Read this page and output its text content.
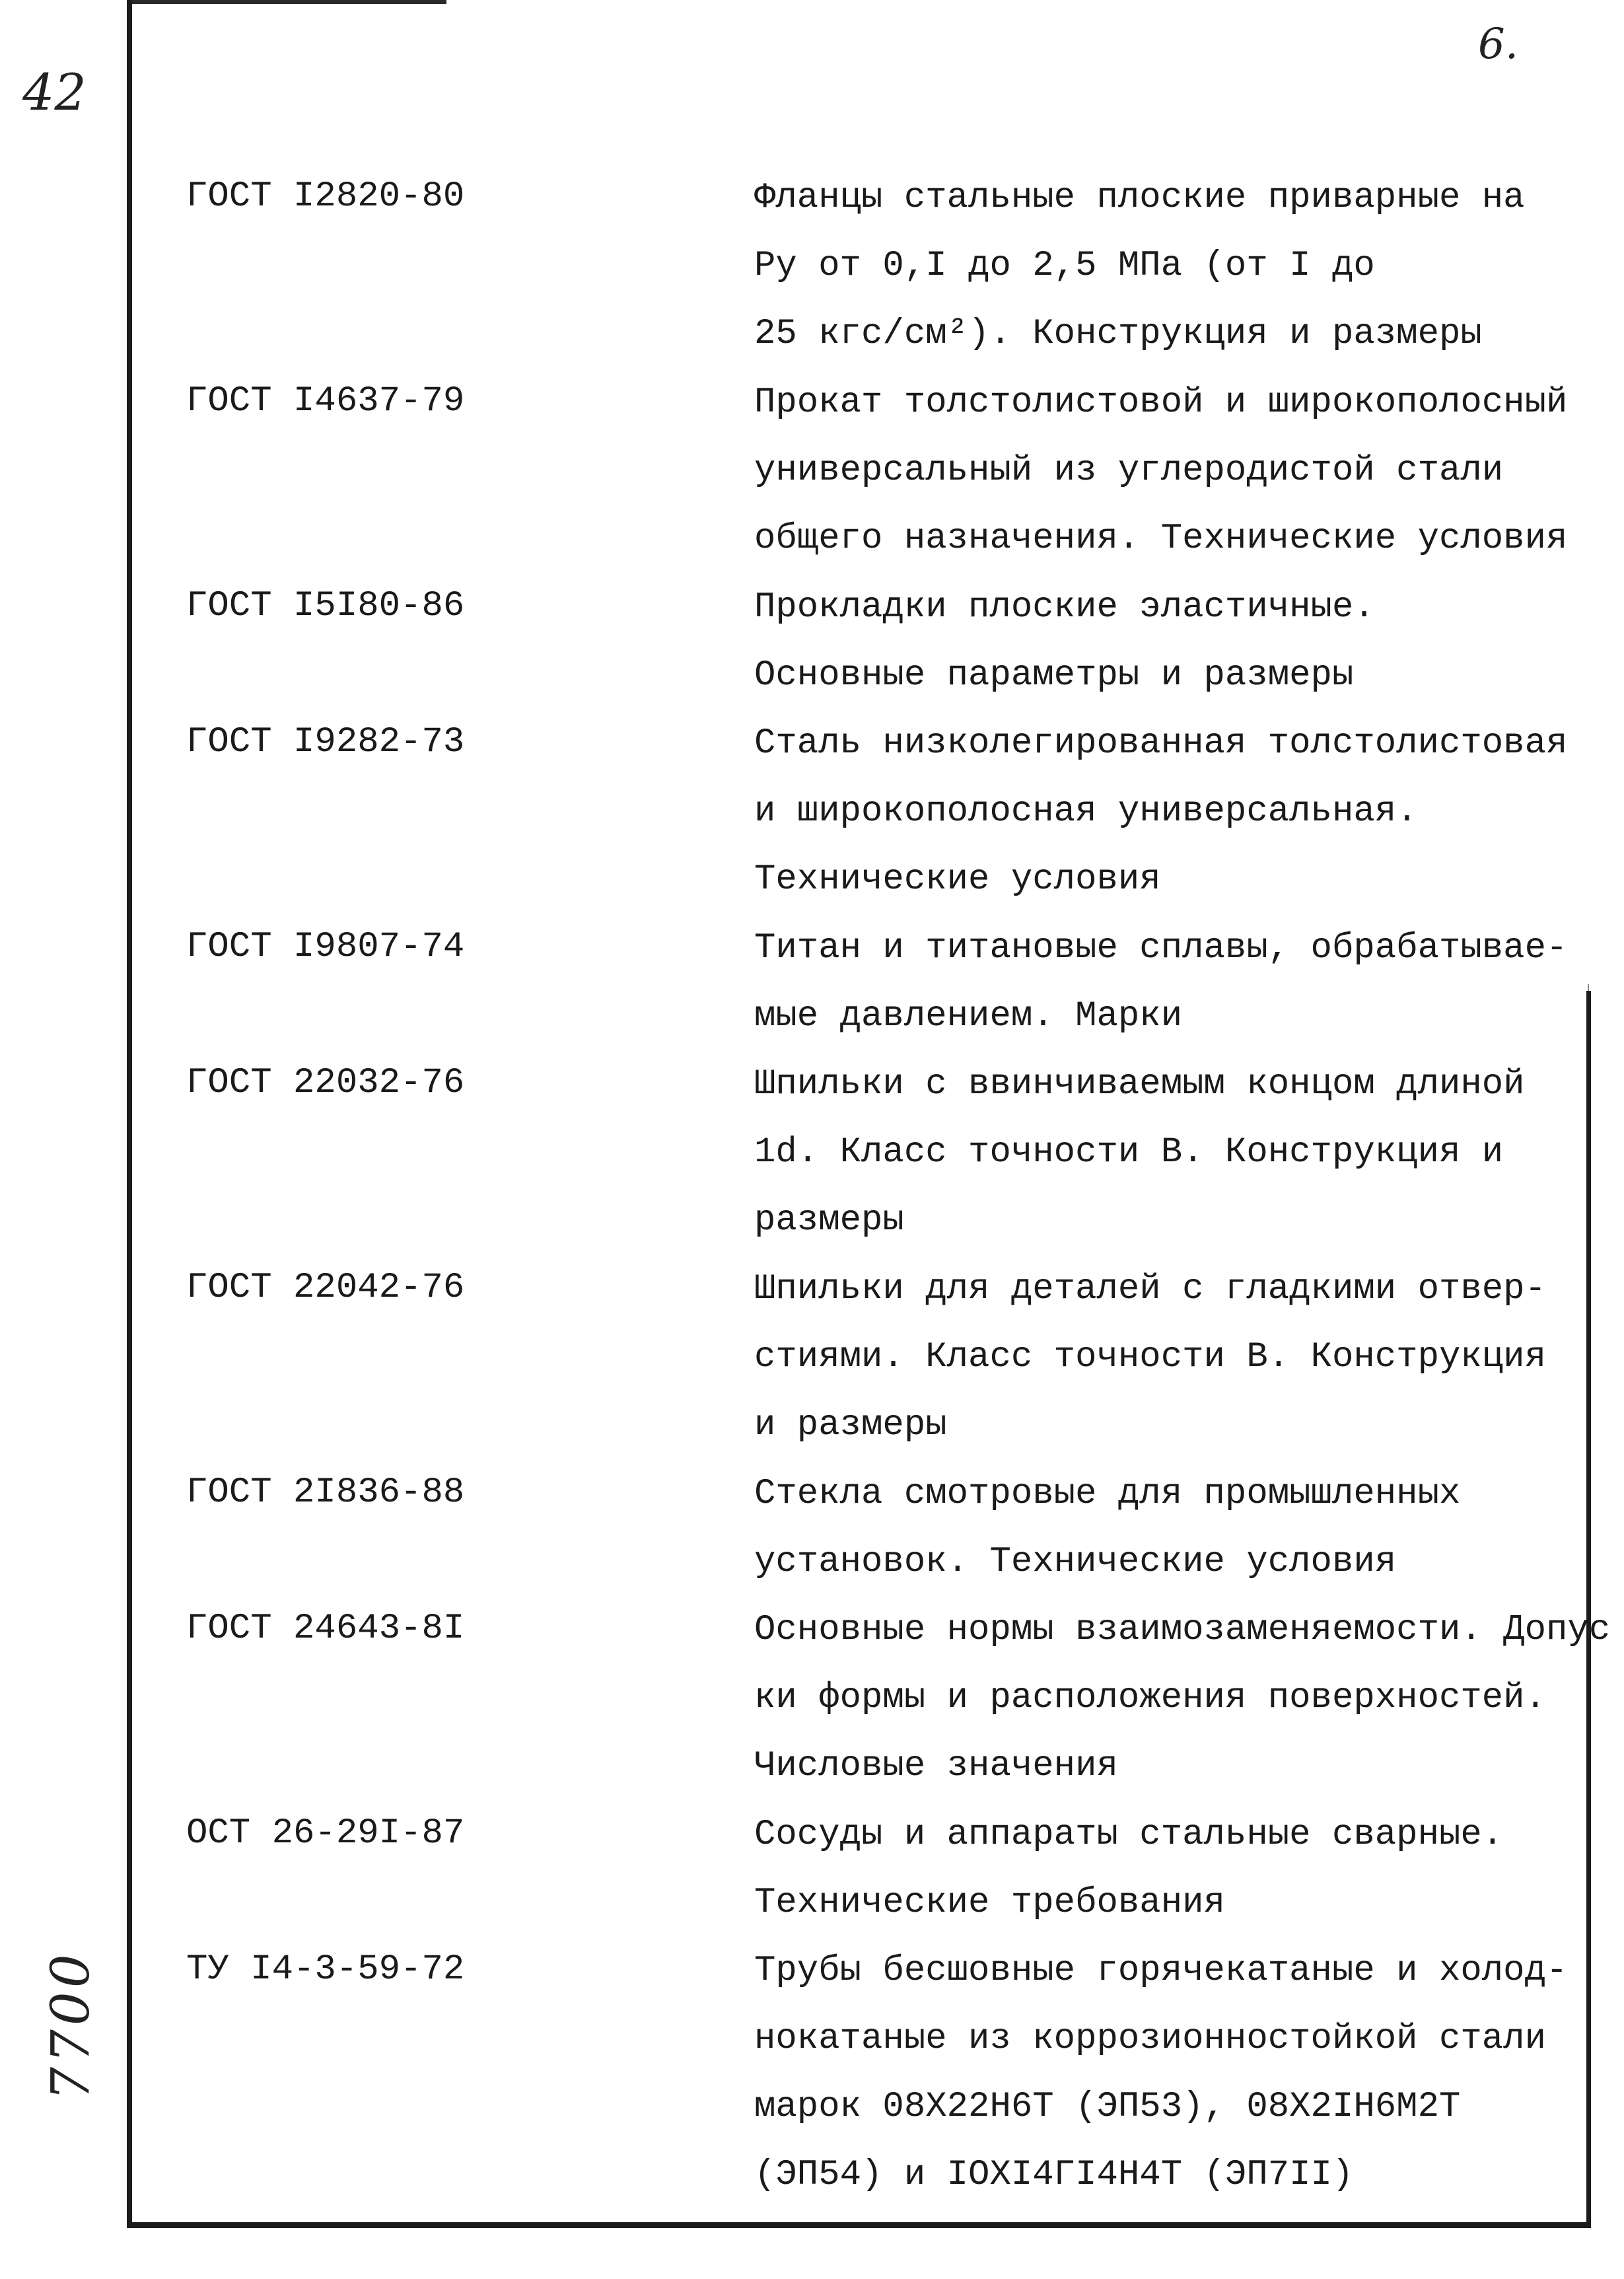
42
6.
7700
ГОСТ I2820-80	Фланцы стальные плоские приварные на
Ру от 0,I до 2,5 МПа (от I до
25 кгс/см²). Конструкция и размеры
ГОСТ I4637-79	Прокат толстолистовой и широкополосный
универсальный из углеродистой стали
общего назначения. Технические условия
ГОСТ I5I80-86	Прокладки плоские эластичные.
Основные параметры и размеры
ГОСТ I9282-73	Сталь низколегированная толстолистовая
и широкополосная универсальная.
Технические условия
ГОСТ I9807-74	Титан и титановые сплавы, обрабатывае-
мые давлением. Марки
ГОСТ 22032-76	Шпильки с ввинчиваемым концом длиной
1d. Класс точности В. Конструкция и
размеры
ГОСТ 22042-76	Шпильки для деталей с гладкими отвер-
стиями. Класс точности В. Конструкция
и размеры
ГОСТ 2I836-88	Стекла смотровые для промышленных
установок. Технические условия
ГОСТ 24643-8I	Основные нормы взаимозаменяемости. Допус
ки формы и расположения поверхностей.
Числовые значения
ОСТ 26-29I-87	Сосуды и аппараты стальные сварные.
Технические требования
ТУ I4-3-59-72	Трубы бесшовные горячекатаные и холод-
нокатаные из коррозионностойкой стали
марок 08Х22Н6Т (ЭП53), 08Х2IН6М2Т
(ЭП54) и IOXI4ГI4Н4Т (ЭП7II)
